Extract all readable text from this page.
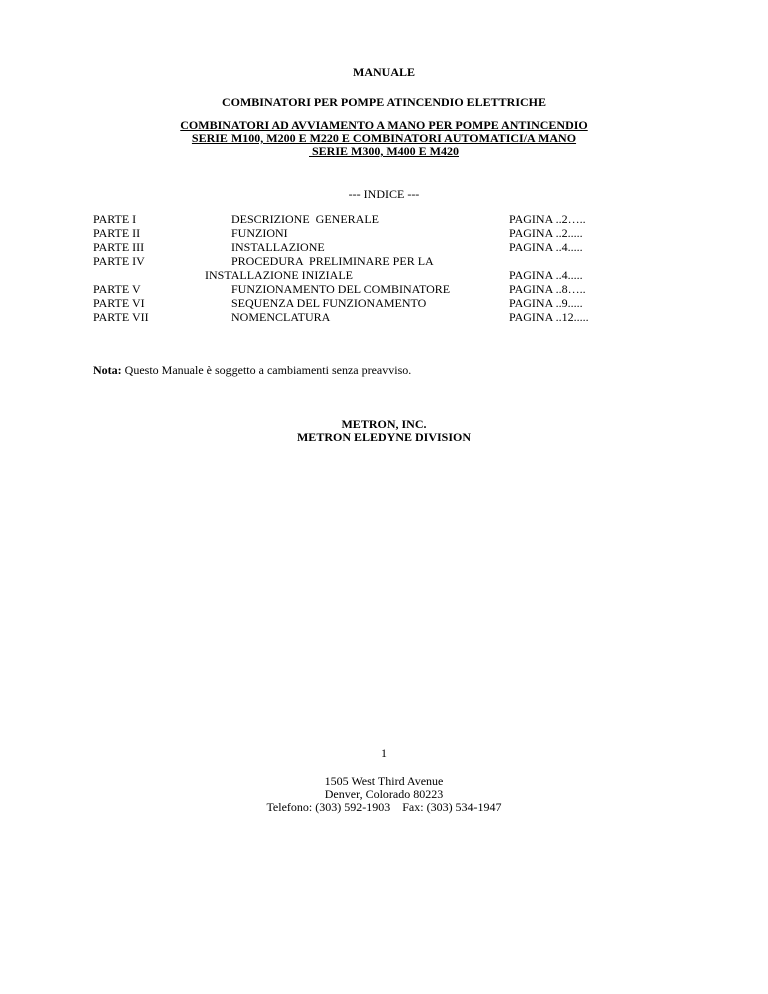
MANUALE
COMBINATORI PER POMPE ATINCENDIO ELETTRICHE
COMBINATORI AD AVVIAMENTO A MANO PER POMPE ANTINCENDIO
SERIE M100, M200 E M220 E COMBINATORI AUTOMATICI/A MANO
SERIE M300, M400 E M420
--- INDICE ---
PARTE I	DESCRIZIONE  GENERALE	PAGINA ..2…..
PARTE II	FUNZIONI	PAGINA ..2.....
PARTE III	INSTALLAZIONE	PAGINA ..4.....
PARTE IV	PROCEDURA  PRELIMINARE PER LA
INSTALLAZIONE INIZIALE	PAGINA ..4.....
PARTE V	FUNZIONAMENTO DEL COMBINATORE	PAGINA ..8…..
PARTE VI	SEQUENZA DEL FUNZIONAMENTO	PAGINA ..9.....
PARTE VII	NOMENCLATURA	PAGINA ..12.....
Nota: Questo Manuale è soggetto a cambiamenti senza preavviso.
METRON, INC.
METRON ELEDYNE DIVISION
1
1505 West Third Avenue
Denver, Colorado 80223
Telefono: (303) 592-1903    Fax: (303) 534-1947
